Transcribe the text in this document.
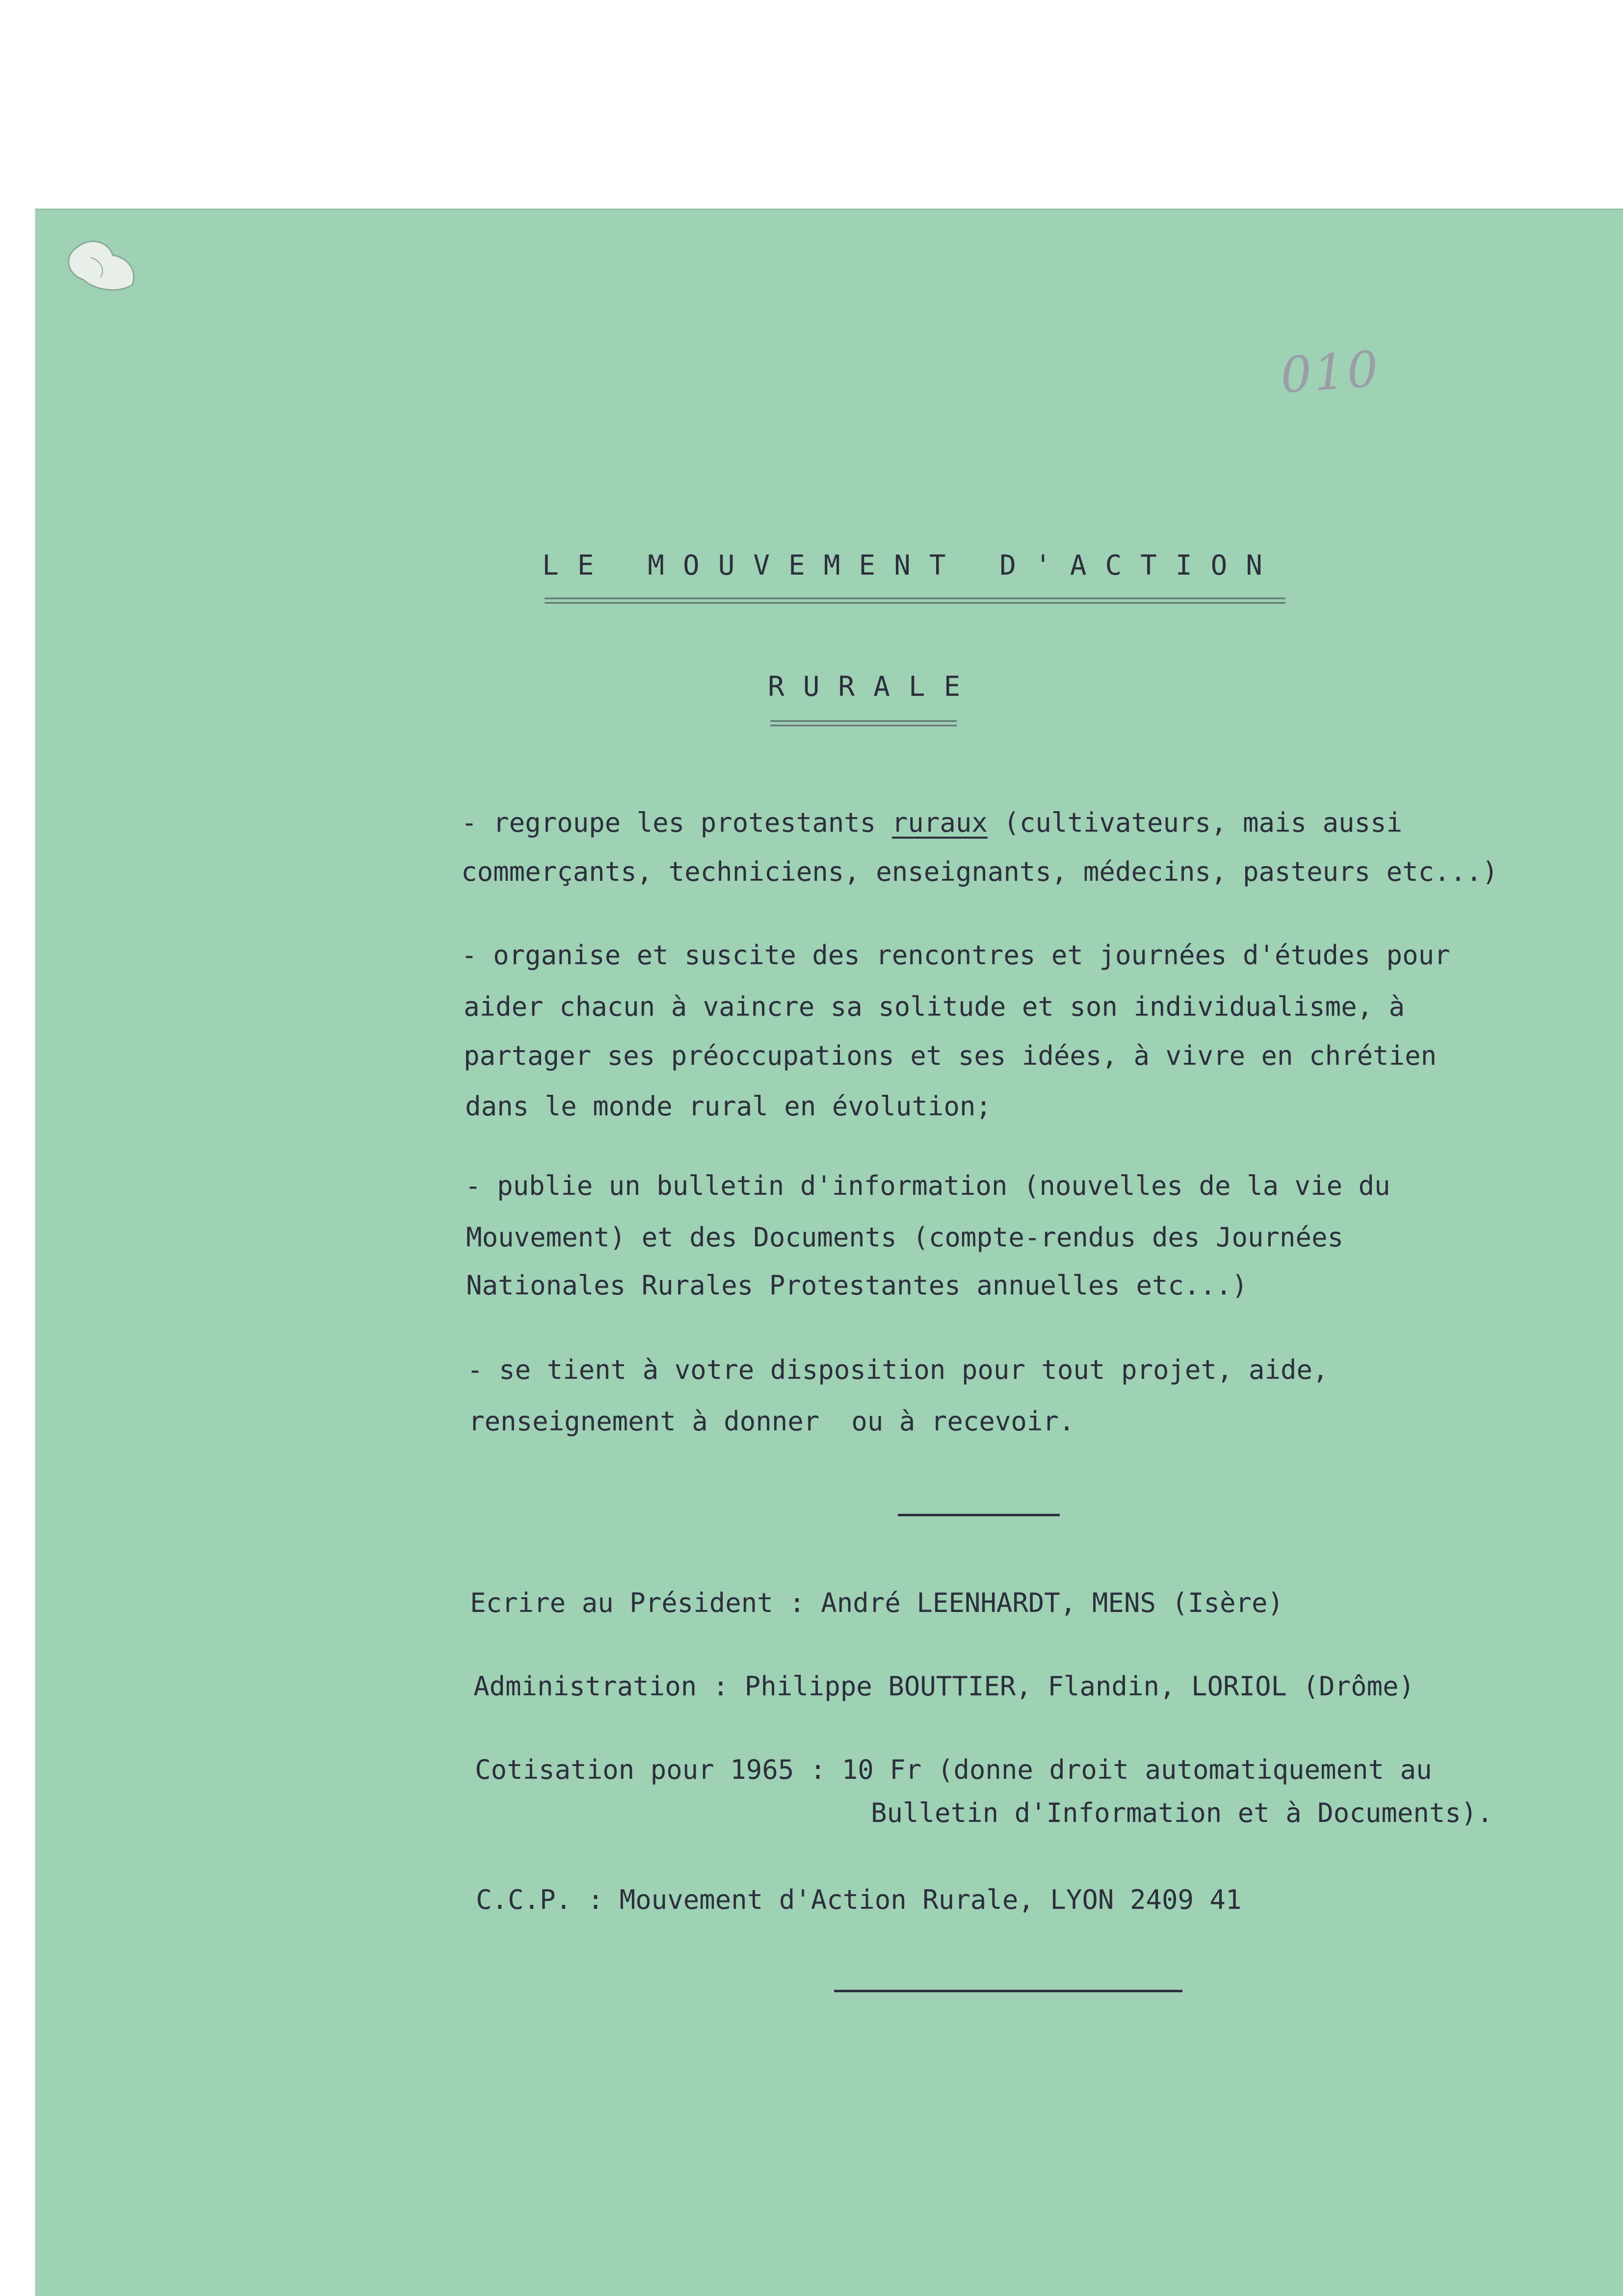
010
LE MOUVEMENT D'ACTION
RURALE
- regroupe les protestants ruraux (cultivateurs, mais aussi
commerçants, techniciens, enseignants, médecins, pasteurs etc...)
- organise et suscite des rencontres et journées d'études pour
aider chacun à vaincre sa solitude et son individualisme, à
partager ses préoccupations et ses idées, à vivre en chrétien
dans le monde rural en évolution;
- publie un bulletin d'information (nouvelles de la vie du
Mouvement) et des Documents (compte-rendus des Journées
Nationales Rurales Protestantes annuelles etc...)
- se tient à votre disposition pour tout projet, aide,
renseignement à donner  ou à recevoir.
Ecrire au Président : André LEENHARDT, MENS (Isère)
Administration : Philippe BOUTTIER, Flandin, LORIOL (Drôme)
Cotisation pour 1965 : 10 Fr (donne droit automatiquement au
Bulletin d'Information et à Documents).
C.C.P. : Mouvement d'Action Rurale, LYON 2409 41
